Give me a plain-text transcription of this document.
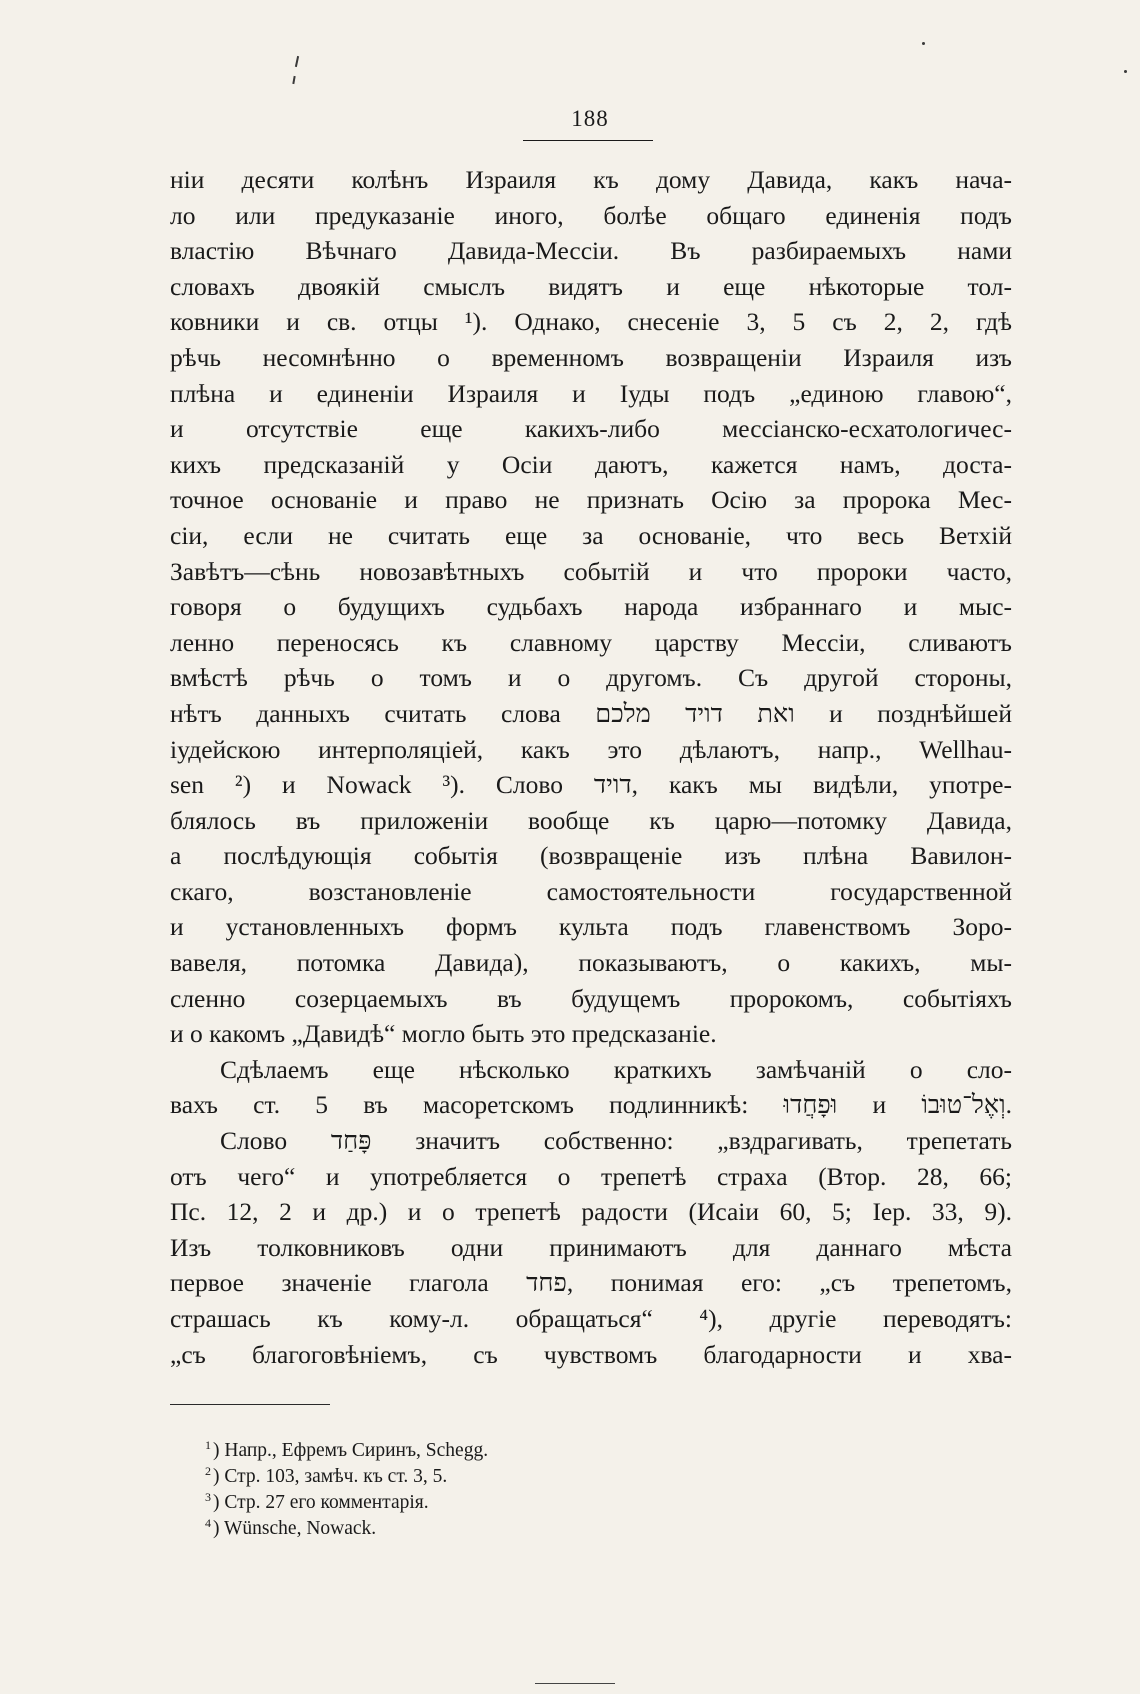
188
ніи десяти колѣнъ Израиля къ дому Давида, какъ нача-
ло или предуказаніе иного, болѣе общаго единенія подъ
властію Вѣчнаго Давида-Мессіи. Въ разбираемыхъ нами
словахъ двоякій смыслъ видятъ и еще нѣкоторые тол-
ковники и св. отцы ¹). Однако, снесеніе 3, 5 съ 2, 2, гдѣ
рѣчь несомнѣнно о временномъ возвращеніи Израиля изъ
плѣна и единеніи Израиля и Іуды подъ „единою главою“,
и отсутствіе еще какихъ-либо мессіанско-есхатологичес-
кихъ предсказаній у Осіи даютъ, кажется намъ, доста-
точное основаніе и право не признать Осію за пророка Мес-
сіи, если не считать еще за основаніе, что весь Ветхій
Завѣтъ—сѣнь новозавѣтныхъ событій и что пророки часто,
говоря о будущихъ судьбахъ народа избраннаго и мыс-
ленно переносясь къ славному царству Мессіи, сливаютъ
вмѣстѣ рѣчь о томъ и о другомъ. Съ другой стороны,
нѣтъ данныхъ считать слова ואת דויד מלכם и позднѣйшей
іудейскою интерполяціей, какъ это дѣлаютъ, напр., Wellhau-
sen ²) и Nowack ³). Слово דויד, какъ мы видѣли, употре-
блялось въ приложеніи вообще къ царю—потомку Давида,
а послѣдующія событія (возвращеніе изъ плѣна Вавилон-
скаго, возстановленіе самостоятельности государственной
и установленныхъ формъ культа подъ главенствомъ Зоро-
вавеля, потомка Давида), показываютъ, о какихъ, мы-
сленно созерцаемыхъ въ будущемъ пророкомъ, событіяхъ
и о какомъ „Давидѣ“ могло быть это предсказаніе.
Сдѣлаемъ еще нѣсколько краткихъ замѣчаній о сло-
вахъ ст. 5 въ масоретскомъ подлинникѣ: וּפָחֲדוּ и וְאֶל־טוּבוֹ.
Слово פָּחַד значитъ собственно: „вздрагивать, трепетать
отъ чего“ и употребляется о трепетѣ страха (Втор. 28, 66;
Пс. 12, 2 и др.) и о трепетѣ радости (Исаіи 60, 5; Іер. 33, 9).
Изъ толковниковъ одни принимаютъ для даннаго мѣста
первое значеніе глагола פחד, понимая его: „съ трепетомъ,
страшась къ кому-л. обращаться“ ⁴), другіе переводятъ:
„съ благоговѣніемъ, съ чувствомъ благодарности и хва-
$^1$ ) Напр., Ефремъ Сиринъ, Schegg.
$^2$ ) Стр. 103, замѣч. къ ст. 3, 5.
$^3$ ) Стр. 27 его комментарія.
$^4$ ) Wünsche, Nowack.
